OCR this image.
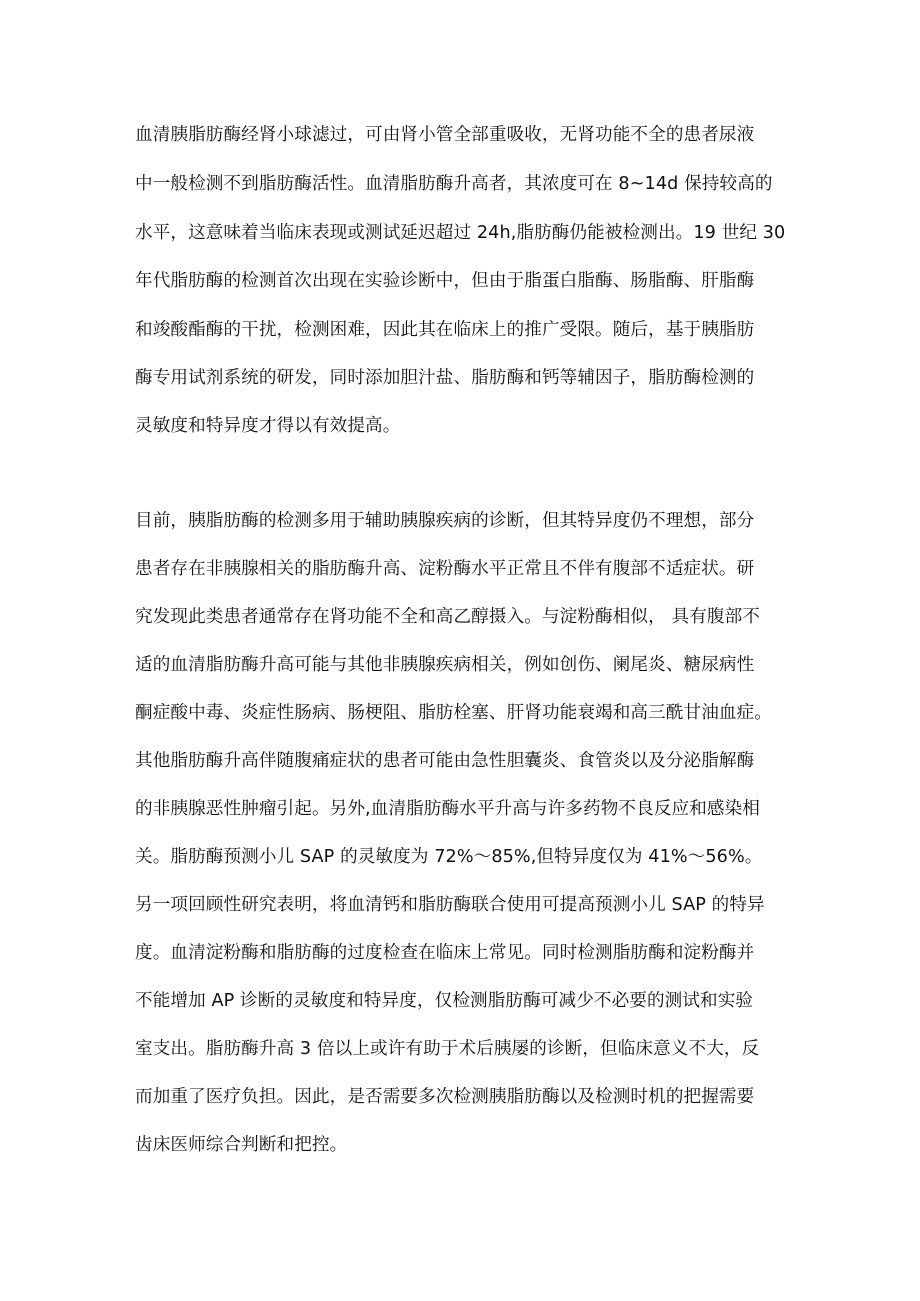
血清胰脂肪酶经肾小球滤过，可由肾小管全部重吸收，无肾功能不全的患者尿液
中一般检测不到脂肪酶活性。血清脂肪酶升高者，其浓度可在 8~14d 保持较高的
水平，这意味着当临床表现或测试延迟超过 24h,脂肪酶仍能被检测出。19 世纪 30
年代脂肪酶的检测首次出现在实验诊断中，但由于脂蛋白脂酶、肠脂酶、肝脂酶
和竣酸酯酶的干扰，检测困难，因此其在临床上的推广受限。随后，基于胰脂肪
酶专用试剂系统的研发，同时添加胆汁盐、脂肪酶和钙等辅因子，脂肪酶检测的
灵敏度和特异度才得以有效提高。
目前，胰脂肪酶的检测多用于辅助胰腺疾病的诊断，但其特异度仍不理想，部分
患者存在非胰腺相关的脂肪酶升高、淀粉酶水平正常且不伴有腹部不适症状。研
究发现此类患者通常存在肾功能不全和高乙醇摄入。与淀粉酶相似， 具有腹部不
适的血清脂肪酶升高可能与其他非胰腺疾病相关，例如创伤、阑尾炎、糖尿病性
酮症酸中毒、炎症性肠病、肠梗阻、脂肪栓塞、肝肾功能衰竭和高三酰甘油血症。
其他脂肪酶升高伴随腹痛症状的患者可能由急性胆囊炎、食管炎以及分泌脂解酶
的非胰腺恶性肿瘤引起。另外,血清脂肪酶水平升高与许多药物不良反应和感染相
关。脂肪酶预测小儿 SAP 的灵敏度为 72%～85%,但特异度仅为 41%～56%。
另一项回顾性研究表明，将血清钙和脂肪酶联合使用可提高预测小儿 SAP 的特异
度。血清淀粉酶和脂肪酶的过度检查在临床上常见。同时检测脂肪酶和淀粉酶并
不能增加 AP 诊断的灵敏度和特异度，仅检测脂肪酶可减少不必要的测试和实验
室支出。脂肪酶升高 3 倍以上或许有助于术后胰屡的诊断，但临床意义不大，反
而加重了医疗负担。因此，是否需要多次检测胰脂肪酶以及检测时机的把握需要
齿床医师综合判断和把控。
